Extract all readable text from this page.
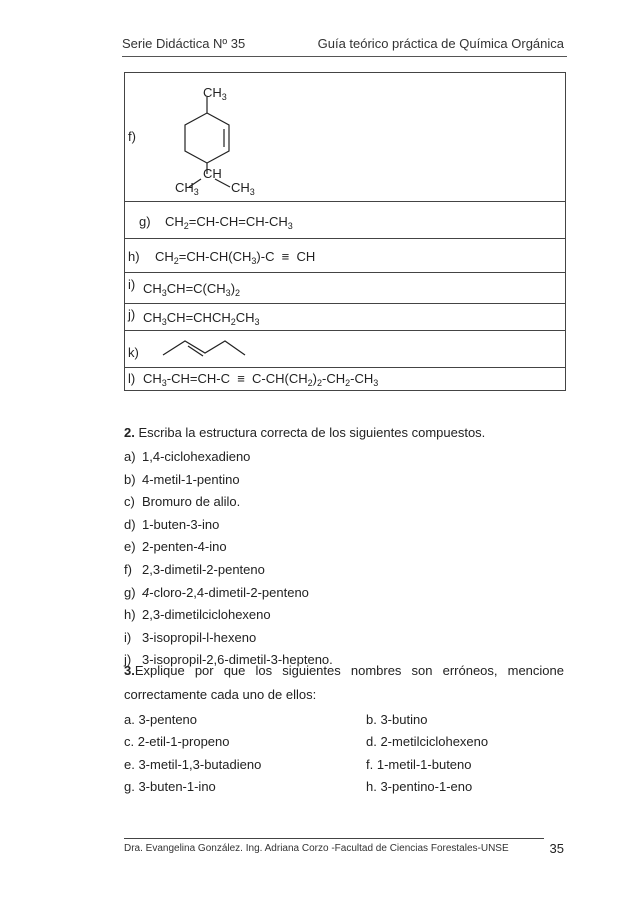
Serie Didáctica Nº 35	Guía teórico práctica de Química Orgánica
f)
$CH_3$
CH
$CH_3$ $CH_3$
g) $CH_2=CH-CH=CH-CH_3$
h) $CH_2=CH-CH(CH_3)-C$ ≡ CH
i) $CH_3CH=C(CH_3)_2$
j) $CH_3CH=CHCH_2CH_3$
k)
l) $CH_3-CH=CH-C \equiv C-CH(CH_2)_2-CH_2-CH_3$
2. Escriba la estructura correcta de los siguientes compuestos.
a) 1,4-ciclohexadieno
b) 4-metil-1-pentino
c) Bromuro de alilo.
d) 1-buten-3-ino
e) 2-penten-4-ino
f) 2,3-dimetil-2-penteno
g) 4-cloro-2,4-dimetil-2-penteno
h) 2,3-dimetilciclohexeno
i) 3-isopropil-l-hexeno
j) 3-isopropil-2,6-dimetil-3-hepteno.
3. Explique por que los siguientes nombres son erróneos, mencione
correctamente cada uno de ellos:
a. 3-penteno	b. 3-butino
c. 2-etil-1-propeno	d. 2-metilciclohexeno
e. 3-metil-1,3-butadieno	f. 1-metil-1-buteno
g. 3-buten-1-ino	h. 3-pentino-1-eno
Dra. Evangelina González. Ing. Adriana Corzo -Facultad de Ciencias Forestales-UNSE	35
